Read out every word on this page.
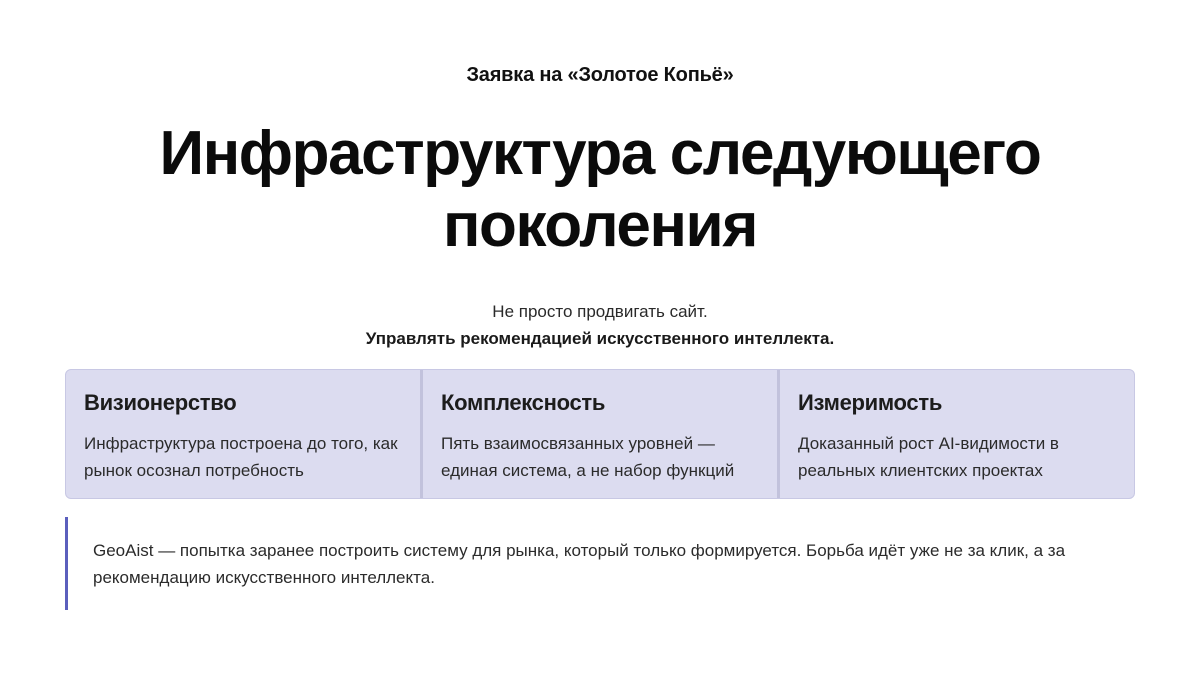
Заявка на «Золотое Копьё»
Инфраструктура следующего поколения
Не просто продвигать сайт.
Управлять рекомендацией искусственного интеллекта.
Визионерство
Инфраструктура построена до того, как рынок осознал потребность
Комплексность
Пять взаимосвязанных уровней — единая система, а не набор функций
Измеримость
Доказанный рост AI-видимости в реальных клиентских проектах
GeoAist — попытка заранее построить систему для рынка, который только формируется. Борьба идёт уже не за клик, а за рекомендацию искусственного интеллекта.
